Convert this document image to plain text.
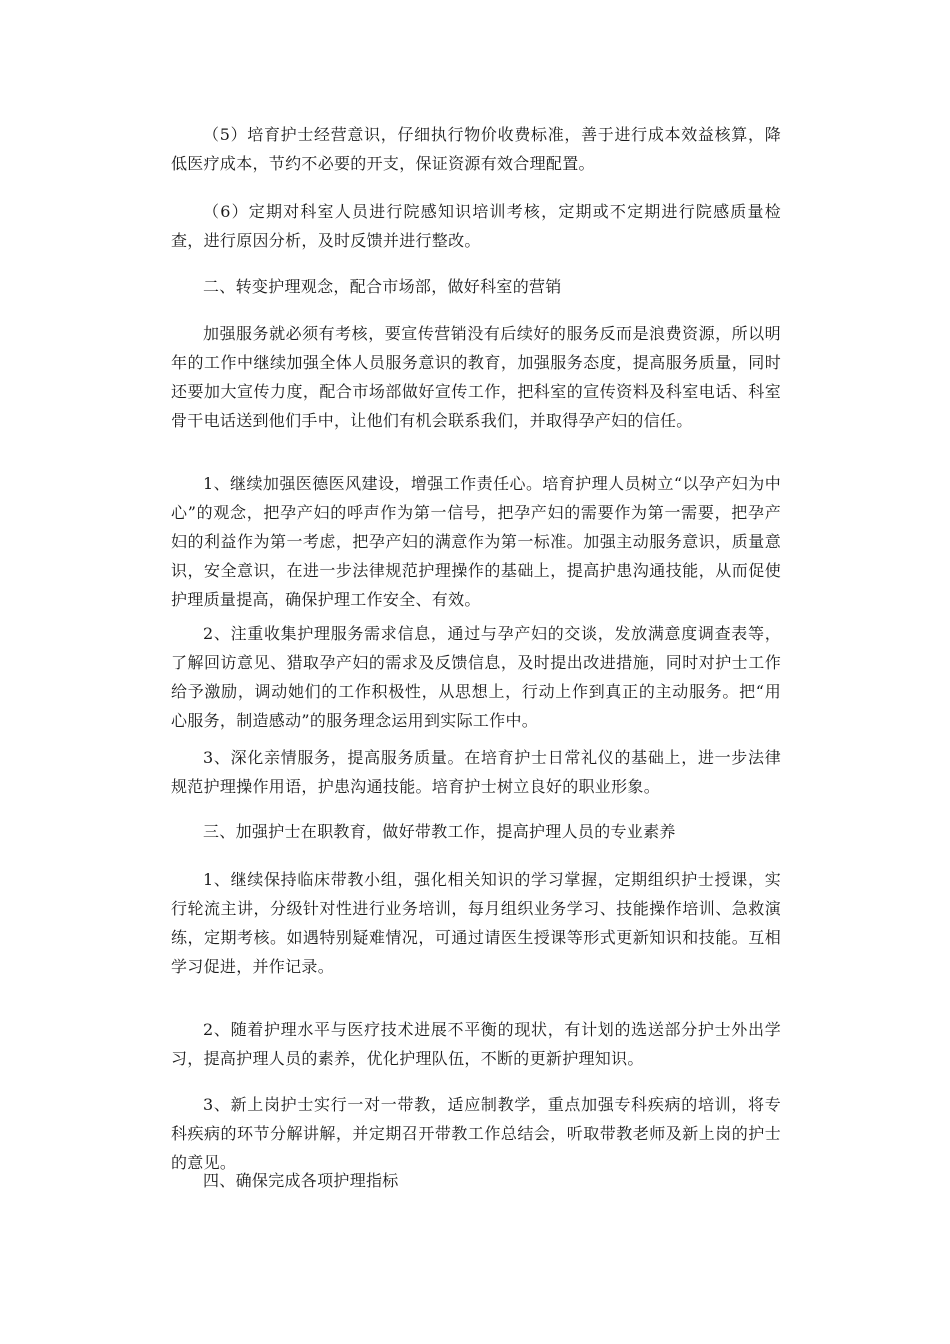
（5）培育护士经营意识，仔细执行物价收费标准，善于进行成本效益核算，降低医疗成本，节约不必要的开支，保证资源有效合理配置。

（6）定期对科室人员进行院感知识培训考核，定期或不定期进行院感质量检查，进行原因分析，及时反馈并进行整改。

二、转变护理观念，配合市场部，做好科室的营销

加强服务就必须有考核，要宣传营销没有后续好的服务反而是浪费资源，所以明年的工作中继续加强全体人员服务意识的教育，加强服务态度，提高服务质量，同时还要加大宣传力度，配合市场部做好宣传工作，把科室的宣传资料及科室电话、科室骨干电话送到他们手中，让他们有机会联系我们，并取得孕产妇的信任。

1、继续加强医德医风建设，增强工作责任心。培育护理人员树立“以孕产妇为中心”的观念，把孕产妇的呼声作为第一信号，把孕产妇的需要作为第一需要，把孕产妇的利益作为第一考虑，把孕产妇的满意作为第一标准。加强主动服务意识，质量意识，安全意识，在进一步法律规范护理操作的基础上，提高护患沟通技能，从而促使护理质量提高，确保护理工作安全、有效。

2、注重收集护理服务需求信息，通过与孕产妇的交谈，发放满意度调查表等，了解回访意见、猎取孕产妇的需求及反馈信息，及时提出改进措施，同时对护士工作给予激励，调动她们的工作积极性，从思想上，行动上作到真正的主动服务。把“用心服务，制造感动”的服务理念运用到实际工作中。

3、深化亲情服务，提高服务质量。在培育护士日常礼仪的基础上，进一步法律规范护理操作用语，护患沟通技能。培育护士树立良好的职业形象。

三、加强护士在职教育，做好带教工作，提高护理人员的专业素养

1、继续保持临床带教小组，强化相关知识的学习掌握，定期组织护士授课，实行轮流主讲，分级针对性进行业务培训，每月组织业务学习、技能操作培训、急救演练，定期考核。如遇特别疑难情况，可通过请医生授课等形式更新知识和技能。互相学习促进，并作记录。

2、随着护理水平与医疗技术进展不平衡的现状，有计划的选送部分护士外出学习，提高护理人员的素养，优化护理队伍，不断的更新护理知识。

3、新上岗护士实行一对一带教，适应制教学，重点加强专科疾病的培训，将专科疾病的环节分解讲解，并定期召开带教工作总结会，听取带教老师及新上岗的护士的意见。

四、确保完成各项护理指标
